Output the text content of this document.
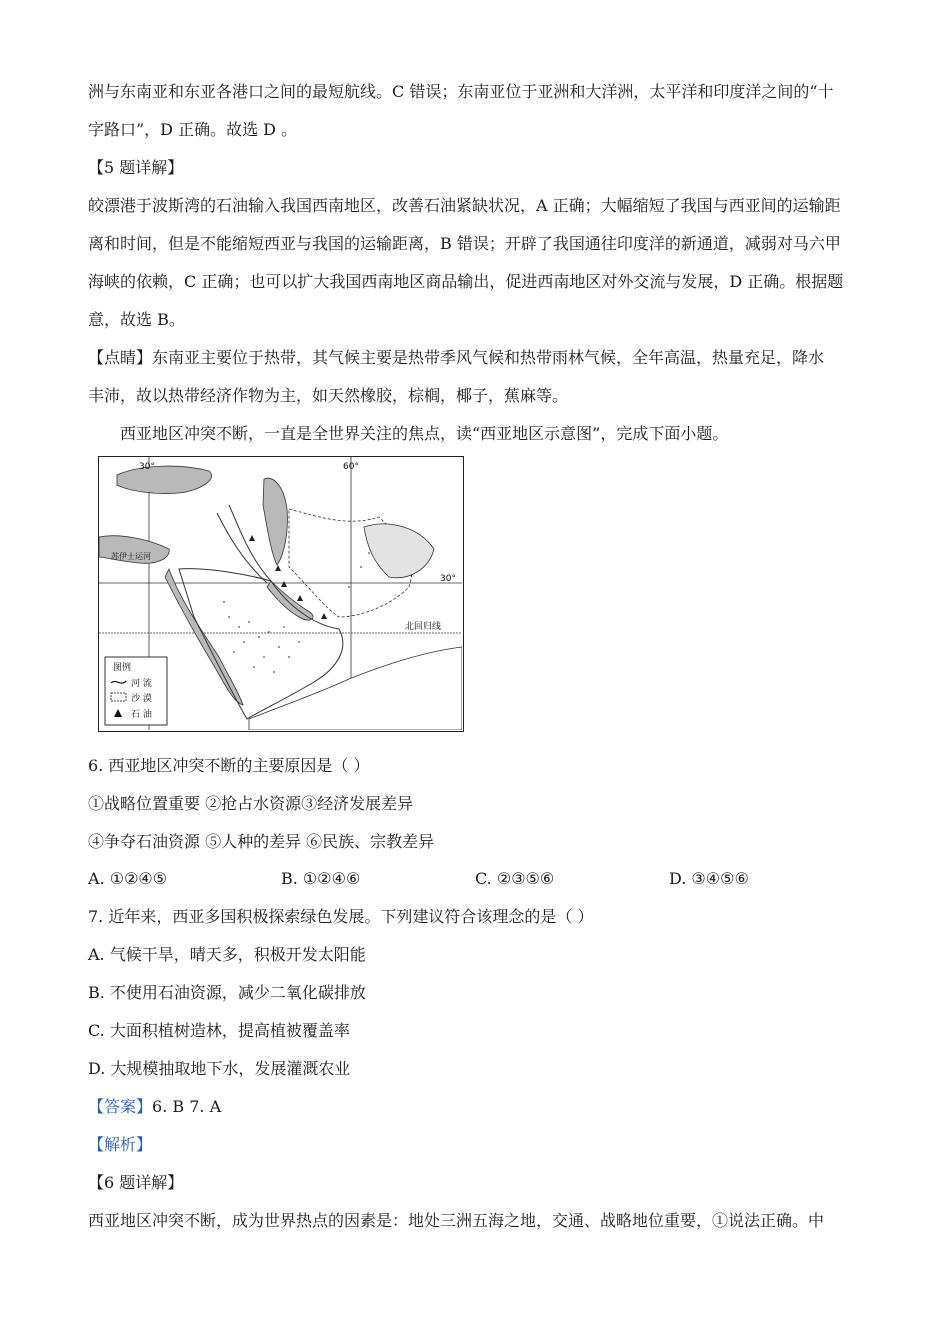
洲与东南亚和东亚各港口之间的最短航线。C 错误；东南亚位于亚洲和大洋洲，太平洋和印度洋之间的“十
字路口”，D 正确。故选 D 。
【5 题详解】
皎漂港于波斯湾的石油输入我国西南地区，改善石油紧缺状况，A 正确；大幅缩短了我国与西亚间的运输距
离和时间，但是不能缩短西亚与我国的运输距离，B 错误；开辟了我国通往印度洋的新通道，减弱对马六甲
海峡的依赖，C 正确；也可以扩大我国西南地区商品输出，促进西南地区对外交流与发展，D 正确。根据题
意，故选 B。
【点睛】东南亚主要位于热带，其气候主要是热带季风气候和热带雨林气候，全年高温，热量充足，降水
丰沛，故以热带经济作物为主，如天然橡胶，棕榈，椰子，蕉麻等。
西亚地区冲突不断，一直是全世界关注的焦点，读“西亚地区示意图”，完成下面小题。
30°	60°
30°
苏伊士运河
北回归线
图例
河 流
沙 漠
石 油
6. 西亚地区冲突不断的主要原因是（ ）
①战略位置重要 ②抢占水资源③经济发展差异
④争夺石油资源 ⑤人种的差异 ⑥民族、宗教差异
A. ①②④⑤	B. ①②④⑥	C. ②③⑤⑥	D. ③④⑤⑥
7. 近年来，西亚多国积极探索绿色发展。下列建议符合该理念的是（ ）
A. 气候干旱，晴天多，积极开发太阳能
B. 不使用石油资源，减少二氧化碳排放
C. 大面积植树造林，提高植被覆盖率
D. 大规模抽取地下水，发展灌溉农业
【答案】6. B 7. A
【解析】
【6 题详解】
西亚地区冲突不断，成为世界热点的因素是：地处三洲五海之地，交通、战略地位重要，①说法正确。中
